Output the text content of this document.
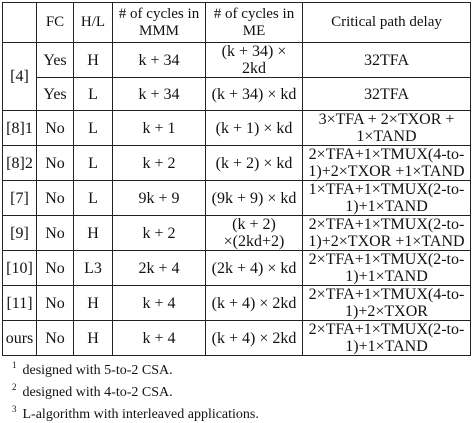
	FC	H/L	# of cycles in MMM	# of cycles in ME	Critical path delay
[4]	Yes	H	k + 34	(k + 34) × 2kd	32TFA
	Yes	L	k + 34	(k + 34) × kd	32TFA
[8]1	No	L	k + 1	(k + 1) × kd	3×TFA + 2×TXOR + 1×TAND
[8]2	No	L	k + 2	(k + 2) × kd	2×TFA+1×TMUX(4-to-1)+2×TXOR +1×TAND
[7]	No	L	9k + 9	(9k + 9) × kd	1×TFA+1×TMUX(2-to-1)+1×TAND
[9]	No	H	k + 2	(k + 2) ×(2kd+2)	2×TFA+1×TMUX(2-to-1)+2×TXOR +1×TAND
[10]	No	L3	2k + 4	(2k + 4) × kd	2×TFA+1×TMUX(2-to-1)+1×TAND
[11]	No	H	k + 4	(k + 4) × 2kd	2×TFA+1×TMUX(4-to-1)+2×TXOR
ours	No	H	k + 4	(k + 4) × 2kd	2×TFA+1×TMUX(2-to-1)+1×TAND
$^1$ designed with 5-to-2 CSA.
$^2$ designed with 4-to-2 CSA.
$^3$ L-algorithm with interleaved applications.
